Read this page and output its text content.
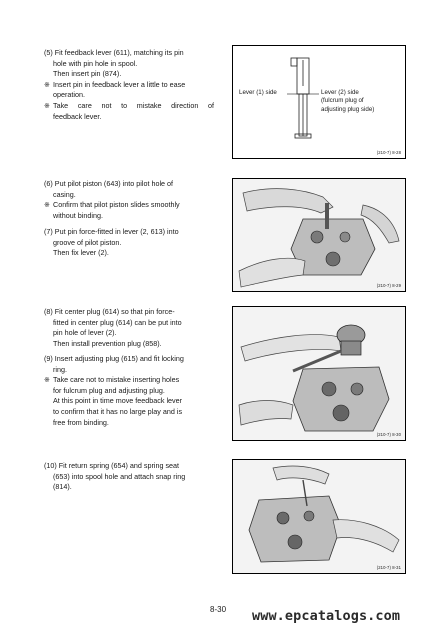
(5) Fit feedback lever (611), matching its pin
hole with pin hole in spool.
Then insert pin (874).
※ Insert pin in feedback lever a little to ease
operation.
※ Take care not to mistake direction of
feedback lever.
Lever (1) side	Lever (2) side
(fulcrum plug of
adjusting plug side)
(210-7) 8-28
(6) Put pilot piston (643) into pilot hole of
casing.
※ Confirm that pilot piston slides smoothly
without binding.
(7) Put pin force-fitted in lever (2, 613) into
groove of pilot piston.
Then fix lever (2).
(210-7) 8-29
(8) Fit center plug (614) so that pin force-
fitted in center plug (614) can be put into
pin hole of lever (2).
Then install prevention plug (858).
(9) Insert adjusting plug (615) and fit locking
ring.
※ Take care not to mistake inserting holes
for fulcrum plug and adjusting plug.
At this point in time move feedback lever
to confirm that it has no large play and is
free from binding.
(210-7) 8-30
(10) Fit return spring (654) and spring seat
(653) into spool hole and attach snap ring
(814).
(210-7) 8-31
8-30 www.epcatalogs.com
